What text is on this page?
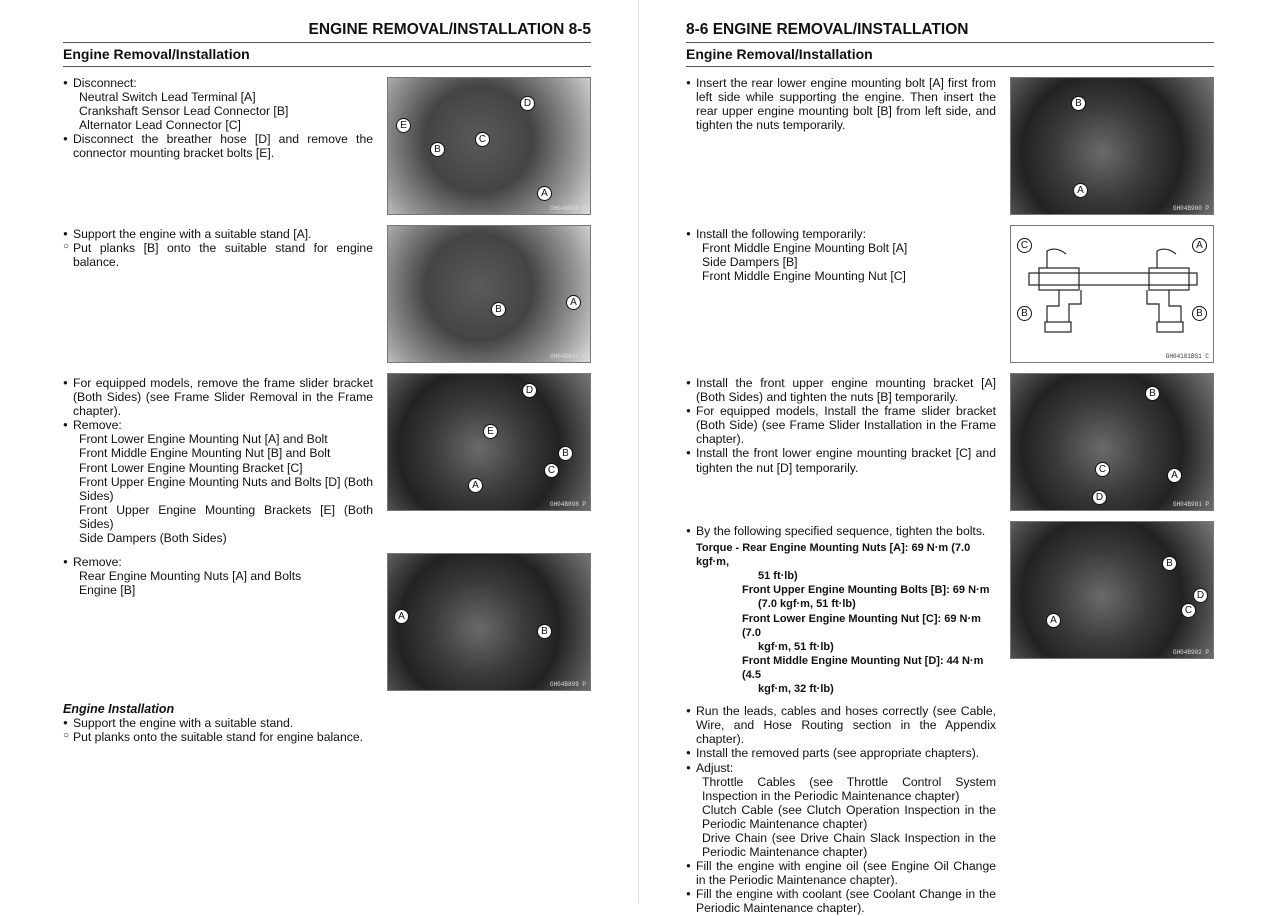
ENGINE REMOVAL/INSTALLATION 8-5
Engine Removal/Installation
● Disconnect:
Neutral Switch Lead Terminal [A]
Crankshaft Sensor Lead Connector [B]
Alternator Lead Connector [C]
● Disconnect the breather hose [D] and remove the connector mounting bracket bolts [E].
E
D
B
C
A
GH04B896 P
● Support the engine with a suitable stand [A].
○ Put planks [B] onto the suitable stand for engine balance.
A
B
GH04B897 P
● For equipped models, remove the frame slider bracket (Both Sides) (see Frame Slider Removal in the Frame chapter).
● Remove:
Front Lower Engine Mounting Nut [A] and Bolt
Front Middle Engine Mounting Nut [B] and Bolt
Front Lower Engine Mounting Bracket [C]
Front Upper Engine Mounting Nuts and Bolts [D] (Both Sides)
Front Upper Engine Mounting Brackets [E] (Both Sides)
Side Dampers (Both Sides)
D
E
B
C
A
GH04B898 P
● Remove:
Rear Engine Mounting Nuts [A] and Bolts
Engine [B]
A
B
GH04B899 P
Engine Installation
● Support the engine with a suitable stand.
○ Put planks onto the suitable stand for engine balance.
8-6 ENGINE REMOVAL/INSTALLATION
Engine Removal/Installation
● Insert the rear lower engine mounting bolt [A] first from left side while supporting the engine. Then insert the rear upper engine mounting bolt [B] from left side, and tighten the nuts temporarily.
B
A
GH04B900 P
● Install the following temporarily:
Front Middle Engine Mounting Bolt [A]
Side Dampers [B]
Front Middle Engine Mounting Nut [C]
C	A
B	B
GH04181BS1 C
● Install the front upper engine mounting bracket [A] (Both Sides) and tighten the nuts [B] temporarily.
● For equipped models, Install the frame slider bracket (Both Side) (see Frame Slider Installation in the Frame chapter).
● Install the front lower engine mounting bracket [C] and tighten the nut [D] temporarily.
B
C
A
D
GH04B901 P
● By the following specified sequence, tighten the bolts.
Torque - Rear Engine Mounting Nuts [A]: 69 N·m (7.0 kgf·m,
51 ft·lb)
Front Upper Engine Mounting Bolts [B]: 69 N·m
(7.0 kgf·m, 51 ft·lb)
Front Lower Engine Mounting Nut [C]: 69 N·m (7.0
kgf·m, 51 ft·lb)
Front Middle Engine Mounting Nut [D]: 44 N·m (4.5
kgf·m, 32 ft·lb)
B
D
C
A
GH04B902 P
● Run the leads, cables and hoses correctly (see Cable, Wire, and Hose Routing section in the Appendix chapter).
● Install the removed parts (see appropriate chapters).
● Adjust:
Throttle Cables (see Throttle Control System Inspection in the Periodic Maintenance chapter)
Clutch Cable (see Clutch Operation Inspection in the Periodic Maintenance chapter)
Drive Chain (see Drive Chain Slack Inspection in the Periodic Maintenance chapter)
● Fill the engine with engine oil (see Engine Oil Change in the Periodic Maintenance chapter).
● Fill the engine with coolant (see Coolant Change in the Periodic Maintenance chapter).
